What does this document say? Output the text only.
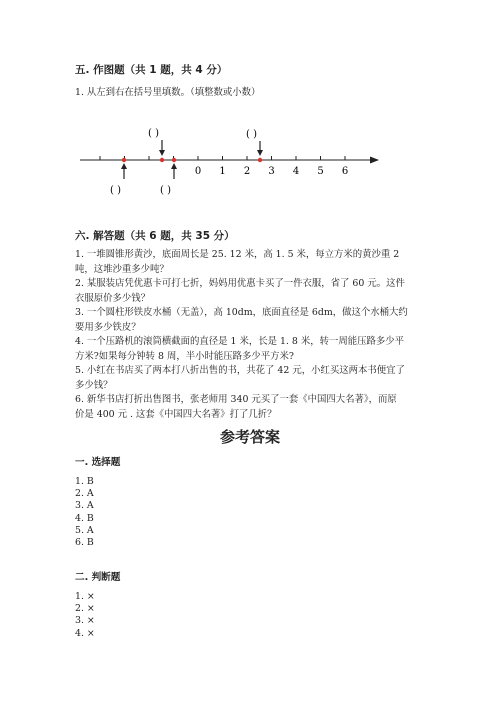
五. 作图题（共 1 题，共 4 分）
1. 从左到右在括号里填数。（填整数或小数）
0 1 2 3 4 5 6
( )	( )
( )	( )
六. 解答题（共 6 题，共 35 分）
1. 一堆圆锥形黄沙，底面周长是 25. 12 米，高 1. 5 米，每立方米的黄沙重 2
吨，这堆沙重多少吨？
2. 某服装店凭优惠卡可打七折，妈妈用优惠卡买了一件衣服，省了 60 元。这件
衣服原价多少钱？
3. 一个圆柱形铁皮水桶（无盖），高 10dm，底面直径是 6dm，做这个水桶大约
要用多少铁皮？
4. 一个压路机的滚筒横截面的直径是 1 米，长是 1. 8 米，转一周能压路多少平
方米?如果每分钟转 8 周，半小时能压路多少平方米?
5. 小红在书店买了两本打八折出售的书，共花了 42 元，小红买这两本书便宜了
多少钱？
6. 新华书店打折出售图书，张老师用 340 元买了一套《中国四大名著》，而原
价是 400 元 . 这套《中国四大名著》打了几折？
参考答案
一. 选择题
1. B
2. A
3. A
4. B
5. A
6. B
二. 判断题
1. ×
2. ×
3. ×
4. ×
